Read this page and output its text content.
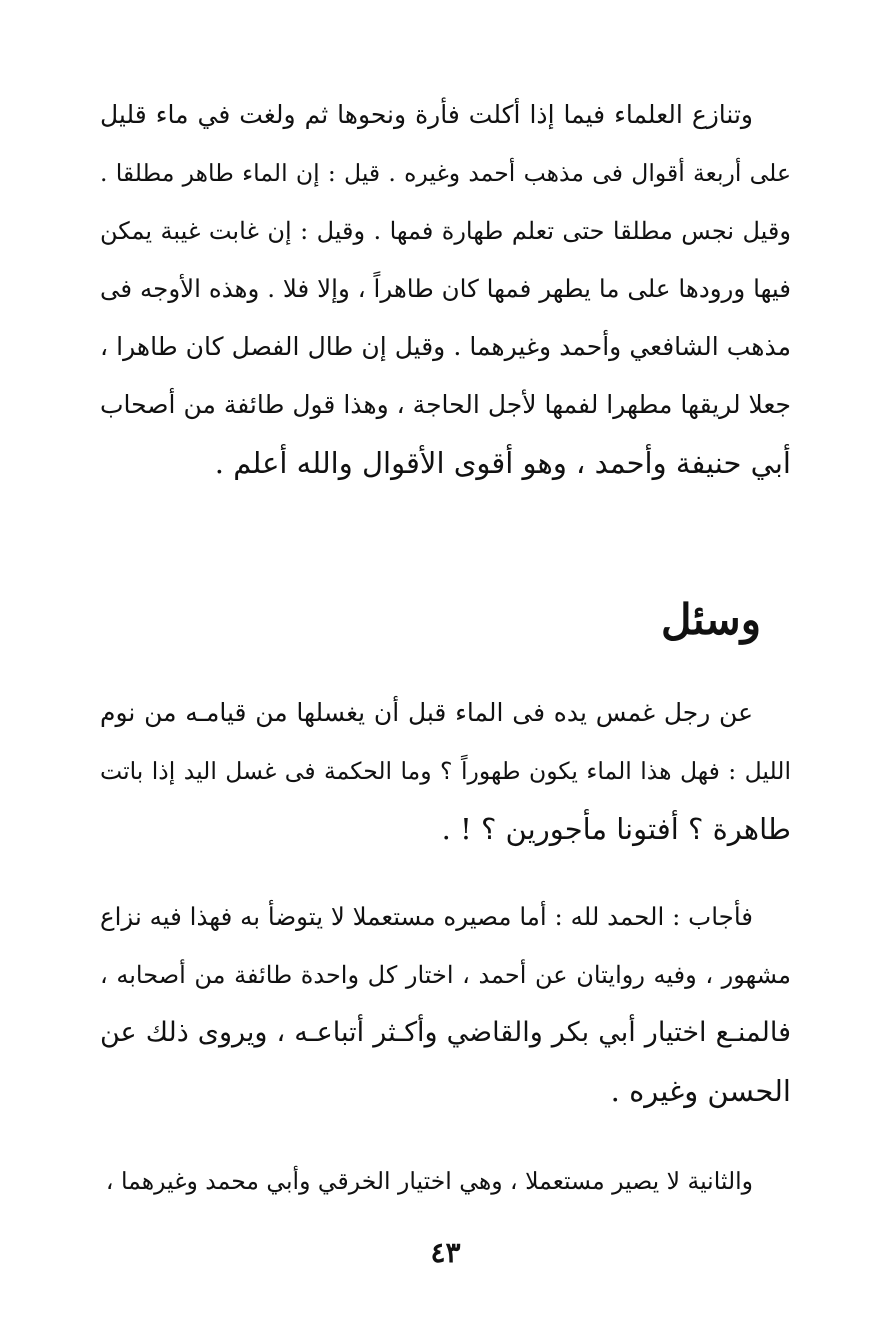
وتنازع العلماء فيما إذا أكلت فأرة ونحوها ثم ولغت في ماء قليل
على أربعة أقوال فى مذهب أحمد وغيره . قيل : إن الماء طاهر مطلقا .
وقيل نجس مطلقا حتى تعلم طهارة فمها . وقيل : إن غابت غيبة يمكن
فيها ورودها على ما يطهر فمها كان طاهراً ، وإلا فلا . وهذه الأوجه فى
مذهب الشافعي وأحمد وغيرهما . وقيل إن طال الفصل كان طاهرا ،
جعلا لريقها مطهرا لفمها لأجل الحاجة ، وهذا قول طائفة من أصحاب
أبي حنيفة وأحمد ، وهو أقوى الأقوال والله أعلم .
وسئل
عن رجل غمس يده فى الماء قبل أن يغسلها من قيامـه من نوم
الليل : فهل هذا الماء يكون طهوراً ؟ وما الحكمة فى غسل اليد إذا باتت
طاهرة ؟ أفتونا مأجورين ؟ ! .
فأجاب : الحمد لله : أما مصيره مستعملا لا يتوضأ به فهذا فيه نزاع
مشهور ، وفيه روايتان عن أحمد ، اختار كل واحدة طائفة من أصحابه ،
فالمنـع اختيار أبي بكر والقاضي وأكـثر أتباعـه ، ويروى ذلك عن
الحسن وغيره .
والثانية لا يصير مستعملا ، وهي اختيار الخرقي وأبي محمد وغيرهما ،
٤٣
